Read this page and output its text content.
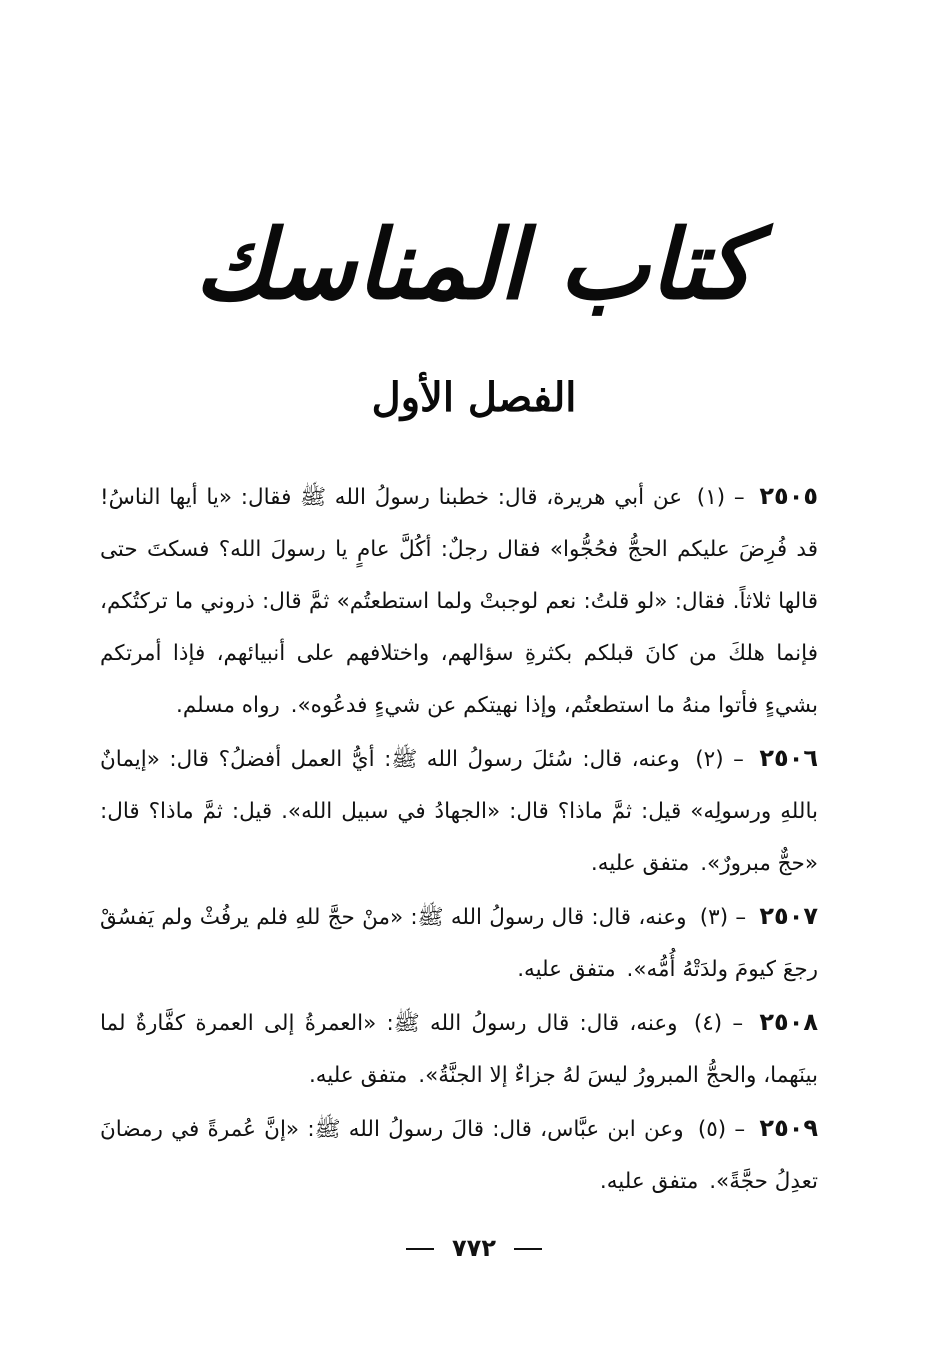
كتاب المناسك
الفصل الأول

٢٥٠٥ – (١) عن أبي هريرة، قال: خطبنا رسولُ الله ﷺ فقال: «يا أيها الناسُ! قد فُرِضَ عليكم الحجُّ فحُجُّوا» فقال رجلٌ: أكُلَّ عامٍ يا رسولَ الله؟ فسكتَ حتى قالها ثلاثاً. فقال: «لو قلتُ: نعم لوجبتْ ولما استطعتُم» ثمَّ قال: ذروني ما تركتُكم، فإنما هلكَ من كانَ قبلكم بكثرةِ سؤالهم، واختلافهم على أنبيائهم، فإذا أمرتكم بشيءٍ فأتوا منهُ ما استطعتُم، وإذا نهيتكم عن شيءٍ فدعُوه». رواه مسلم.

٢٥٠٦ – (٢) وعنه، قال: سُئلَ رسولُ الله ﷺ: أيُّ العمل أفضلُ؟ قال: «إيمانٌ باللهِ ورسولِه» قيل: ثمَّ ماذا؟ قال: «الجهادُ في سبيل الله». قيل: ثمَّ ماذا؟ قال: «حجٌّ مبرورٌ». متفق عليه.

٢٥٠٧ – (٣) وعنه، قال: قال رسولُ الله ﷺ: «منْ حجَّ للهِ فلم يرفُثْ ولم يَفسُقْ رجعَ كيومَ ولدَتْهُ أُمُّه». متفق عليه.

٢٥٠٨ – (٤) وعنه، قال: قال رسولُ الله ﷺ: «العمرةُ إلى العمرة كفَّارةٌ لما بينَهما، والحجُّ المبرورُ ليسَ لهُ جزاءٌ إلا الجنَّةُ». متفق عليه.

٢٥٠٩ – (٥) وعن ابن عبَّاس، قال: قالَ رسولُ الله ﷺ: «إنَّ عُمرةً في رمضانَ تعدِلُ حجَّةً». متفق عليه.

٧٧٢
